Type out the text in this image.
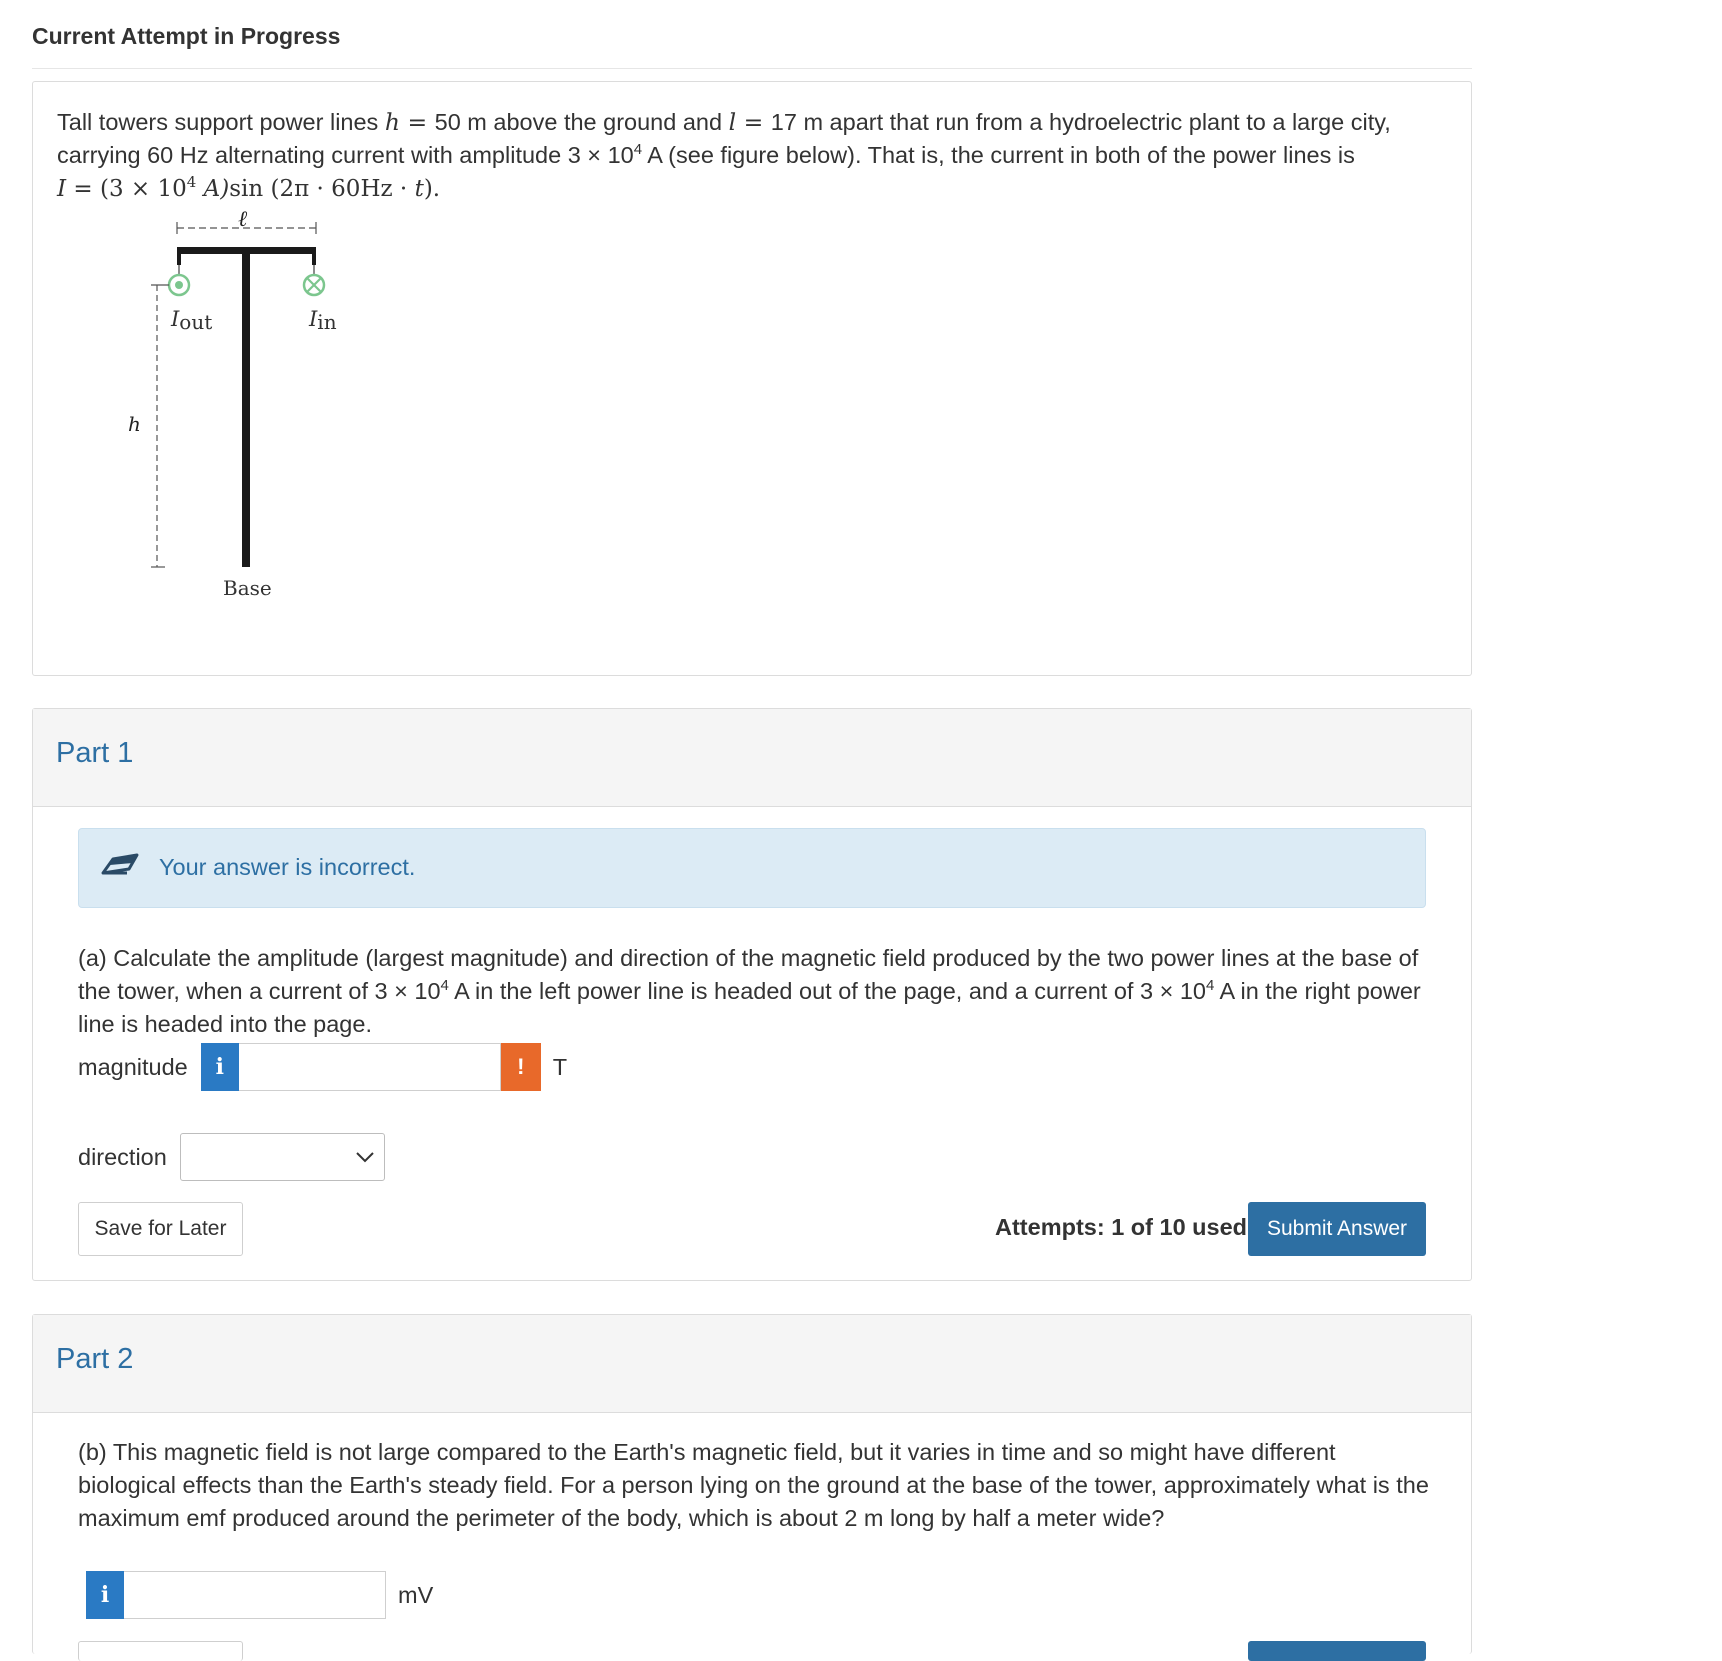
Current Attempt in Progress
Tall towers support power lines h = 50 m above the ground and l = 17 m apart that run from a hydroelectric plant to a large city,
carrying 60 Hz alternating current with amplitude $3 \times 10^4$ A (see figure below). That is, the current in both of the power lines is
$I = (3 \times 10^4$ A)sin (2π · 60Hz · t).
ℓ
h
Iout	Iin
Base
Part 1
Your answer is incorrect.
(a) Calculate the amplitude (largest magnitude) and direction of the magnetic field produced by the two power lines at the base of the tower, when a current of $3 \times 10^4$ A in the left power line is headed out of the page, and a current of $3 \times 10^4$ A in the right power line is headed into the page.
magnitude	i	!	T
direction
Save for Later	Attempts: 1 of 10 used Submit Answer
Part 2
(b) This magnetic field is not large compared to the Earth's magnetic field, but it varies in time and so might have different biological effects than the Earth's steady field. For a person lying on the ground at the base of the tower, approximately what is the maximum emf produced around the perimeter of the body, which is about 2 m long by half a meter wide?
i	mV
